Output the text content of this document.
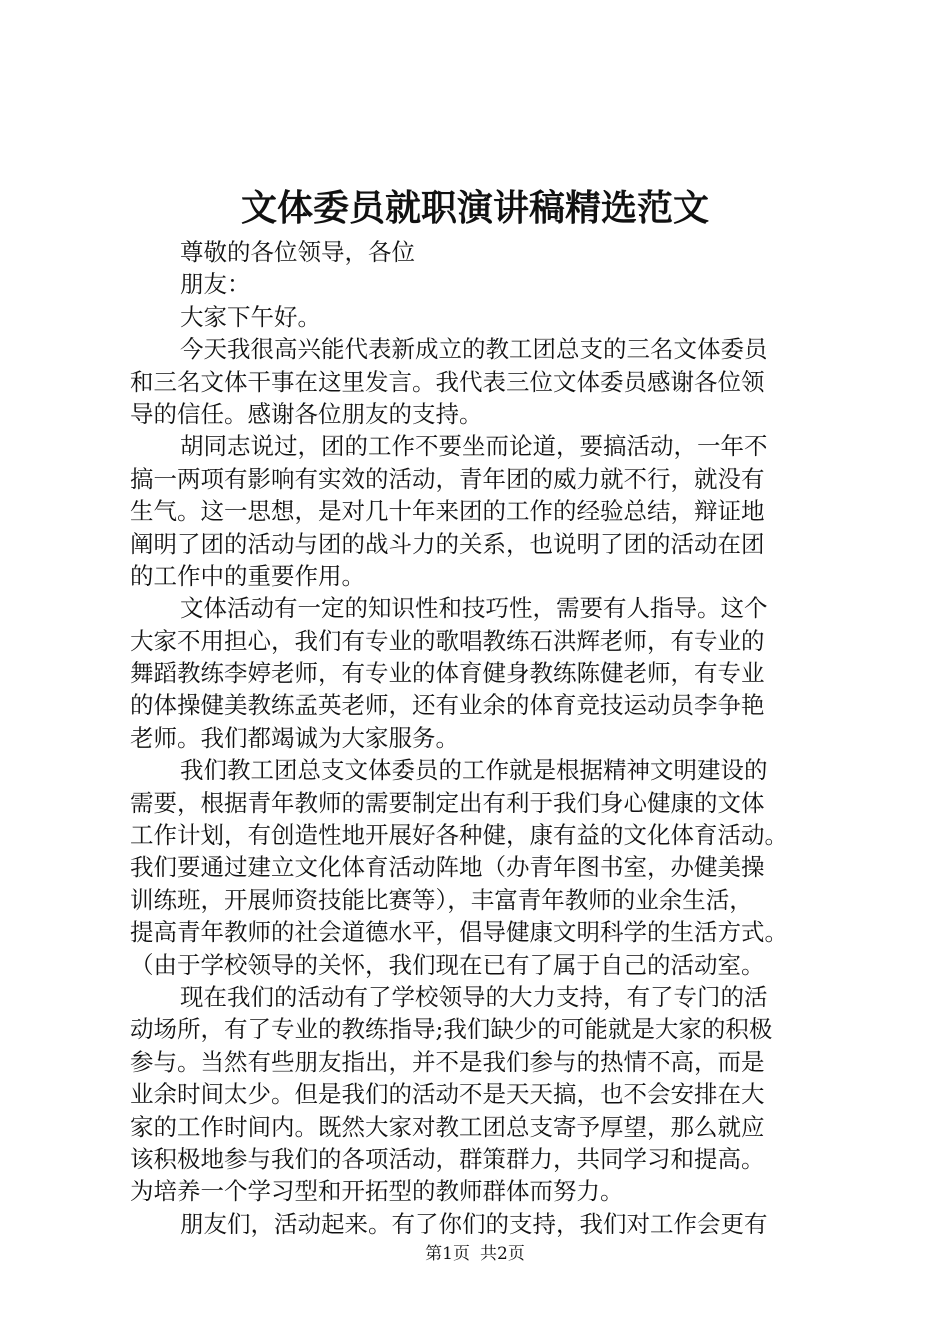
文体委员就职演讲稿精选范文
尊敬的各位领导，各位
朋友：
大家下午好。
今天我很高兴能代表新成立的教工团总支的三名文体委员
和三名文体干事在这里发言。我代表三位文体委员感谢各位领
导的信任。感谢各位朋友的支持。
胡同志说过，团的工作不要坐而论道，要搞活动，一年不
搞一两项有影响有实效的活动，青年团的威力就不行，就没有
生气。这一思想，是对几十年来团的工作的经验总结，辩证地
阐明了团的活动与团的战斗力的关系，也说明了团的活动在团
的工作中的重要作用。
文体活动有一定的知识性和技巧性，需要有人指导。这个
大家不用担心，我们有专业的歌唱教练石洪辉老师，有专业的
舞蹈教练李婷老师，有专业的体育健身教练陈健老师，有专业
的体操健美教练孟英老师，还有业余的体育竞技运动员李争艳
老师。我们都竭诚为大家服务。
我们教工团总支文体委员的工作就是根据精神文明建设的
需要，根据青年教师的需要制定出有利于我们身心健康的文体
工作计划，有创造性地开展好各种健，康有益的文化体育活动。
我们要通过建立文化体育活动阵地（办青年图书室，办健美操
训练班，开展师资技能比赛等），丰富青年教师的业余生活，
提高青年教师的社会道德水平，倡导健康文明科学的生活方式。
（由于学校领导的关怀，我们现在已有了属于自己的活动室。
现在我们的活动有了学校领导的大力支持，有了专门的活
动场所，有了专业的教练指导;我们缺少的可能就是大家的积极
参与。当然有些朋友指出，并不是我们参与的热情不高，而是
业余时间太少。但是我们的活动不是天天搞，也不会安排在大
家的工作时间内。既然大家对教工团总支寄予厚望，那么就应
该积极地参与我们的各项活动，群策群力，共同学习和提高。
为培养一个学习型和开拓型的教师群体而努力。
朋友们，活动起来。有了你们的支持，我们对工作会更有
第1页 共2页
